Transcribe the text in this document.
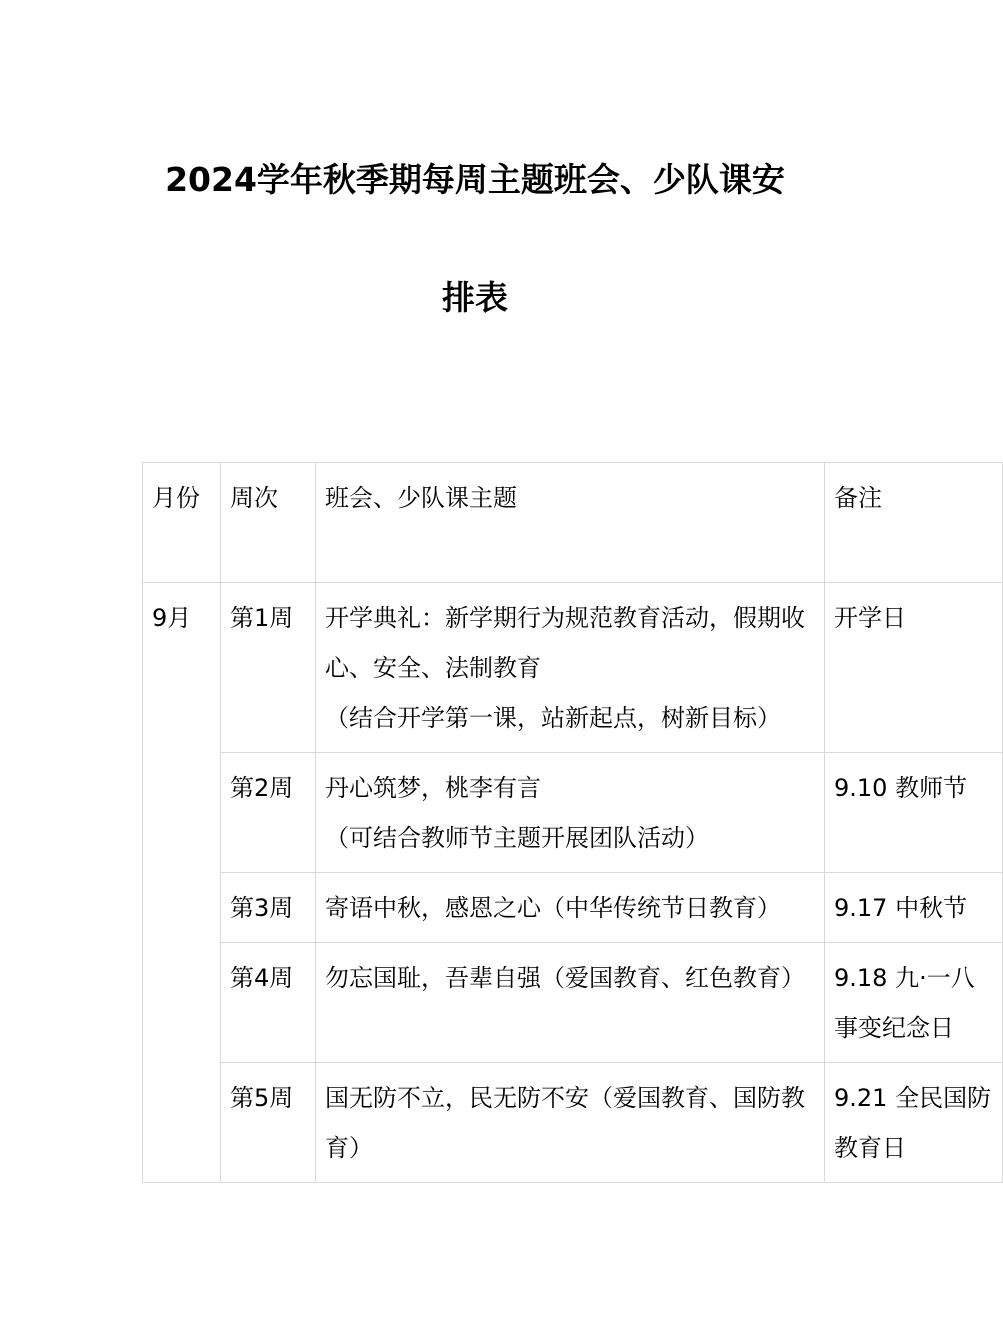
2024学年秋季期每周主题班会、少队课安
排表
月份	周次	班会、少队课主题	备注

9月	第1周	开学典礼：新学期行为规范教育活动，假期收心、安全、法制教育
（结合开学第一课，站新起点，树新目标）	开学日

	第2周	丹心筑梦，桃李有言
（可结合教师节主题开展团队活动）	9.10 教师节

	第3周	寄语中秋，感恩之心（中华传统节日教育）	9.17 中秋节

	第4周	勿忘国耻，吾辈自强（爱国教育、红色教育）	9.18 九·一八事变纪念日

	第5周	国无防不立，民无防不安（爱国教育、国防教育）	9.21 全民国防教育日
